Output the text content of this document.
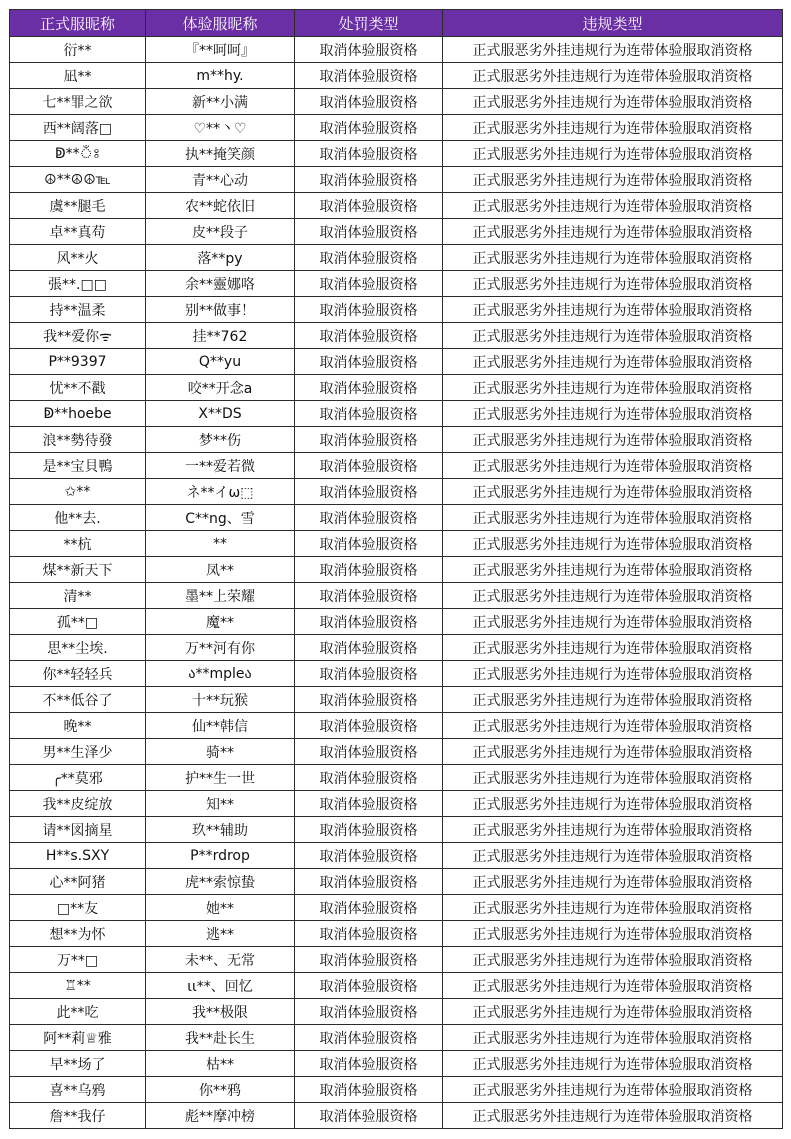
正式服昵称	体验服昵称	处罚类型	违规类型
衍**	『**呵呵』	取消体验服资格	正式服恶劣外挂违规行为连带体验服取消资格
凪**	m**hy.	取消体验服资格	正式服恶劣外挂违规行为连带体验服取消资格
七**罪之欲	新**小满	取消体验服资格	正式服恶劣外挂违规行为连带体验服取消资格
西**阔落□	♡**丶♡	取消体验服资格	正式服恶劣外挂违规行为连带体验服取消资格
ↁ**ঁঃ	执**掩笑颜	取消体验服资格	正式服恶劣外挂违规行为连带体验服取消资格
☮**☮☮℡	青**心动	取消体验服资格	正式服恶劣外挂违规行为连带体验服取消资格
虞**腿毛	农**蛇依旧	取消体验服资格	正式服恶劣外挂违规行为连带体验服取消资格
卓**真苟	皮**段子	取消体验服资格	正式服恶劣外挂违规行为连带体验服取消资格
风**火	落**py	取消体验服资格	正式服恶劣外挂违规行为连带体验服取消资格
張**.□□	余**靈娜咯	取消体验服资格	正式服恶劣外挂违规行为连带体验服取消资格
持**温柔	别**做事！	取消体验服资格	正式服恶劣外挂违规行为连带体验服取消资格
我**爱你ᯤ	挂**762	取消体验服资格	正式服恶劣外挂违规行为连带体验服取消资格
P**9397	Q**yu	取消体验服资格	正式服恶劣外挂违规行为连带体验服取消资格
忧**不戳	咬**开念a	取消体验服资格	正式服恶劣外挂违规行为连带体验服取消资格
ↁ**hoebe	X**DS	取消体验服资格	正式服恶劣外挂违规行为连带体验服取消资格
浪**勢待發	梦**伤	取消体验服资格	正式服恶劣外挂违规行为连带体验服取消资格
是**宝貝鴨	一**爱若微	取消体验服资格	正式服恶劣外挂违规行为连带体验服取消资格
✩**	ネ**イω⬚	取消体验服资格	正式服恶劣外挂违规行为连带体验服取消资格
他**去.	C**ng、雪	取消体验服资格	正式服恶劣外挂违规行为连带体验服取消资格
**杭	**	取消体验服资格	正式服恶劣外挂违规行为连带体验服取消资格
煤**新天下	凤**	取消体验服资格	正式服恶劣外挂违规行为连带体验服取消资格
清**	墨**上荣耀	取消体验服资格	正式服恶劣外挂违规行为连带体验服取消资格
孤**□	魔**	取消体验服资格	正式服恶劣外挂违规行为连带体验服取消资格
思**尘埃.	万**河有你	取消体验服资格	正式服恶劣外挂违规行为连带体验服取消资格
你**轻轻兵	ა**mpleა	取消体验服资格	正式服恶劣外挂违规行为连带体验服取消资格
不**低谷了	十**玩猴	取消体验服资格	正式服恶劣外挂违规行为连带体验服取消资格
晚**	仙**韩信	取消体验服资格	正式服恶劣外挂违规行为连带体验服取消资格
男**生泽少	骑**	取消体验服资格	正式服恶劣外挂违规行为连带体验服取消资格
╭**莫邪	护**生一世	取消体验服资格	正式服恶劣外挂违规行为连带体验服取消资格
我**皮绽放	知**	取消体验服资格	正式服恶劣外挂违规行为连带体验服取消资格
请**図摘星	玖**辅助	取消体验服资格	正式服恶劣外挂违规行为连带体验服取消资格
H**s.SXY	P**rdrop	取消体验服资格	正式服恶劣外挂违规行为连带体验服取消资格
心**阿猪	虎**索惊蛰	取消体验服资格	正式服恶劣外挂违规行为连带体验服取消资格
□**友	她**	取消体验服资格	正式服恶劣外挂违规行为连带体验服取消资格
想**为怀	逃**	取消体验服资格	正式服恶劣外挂违规行为连带体验服取消资格
万**□	未**、无常	取消体验服资格	正式服恶劣外挂违规行为连带体验服取消资格
♖**	ιι**、回忆	取消体验服资格	正式服恶劣外挂违规行为连带体验服取消资格
此**吃	我**极限	取消体验服资格	正式服恶劣外挂违规行为连带体验服取消资格
阿**莉♕雅	我**赴长生	取消体验服资格	正式服恶劣外挂违规行为连带体验服取消资格
早**场了	枯**	取消体验服资格	正式服恶劣外挂违规行为连带体验服取消资格
喜**乌鸦	你**鸦	取消体验服资格	正式服恶劣外挂违规行为连带体验服取消资格
詹**我仔	彪**摩冲榜	取消体验服资格	正式服恶劣外挂违规行为连带体验服取消资格
